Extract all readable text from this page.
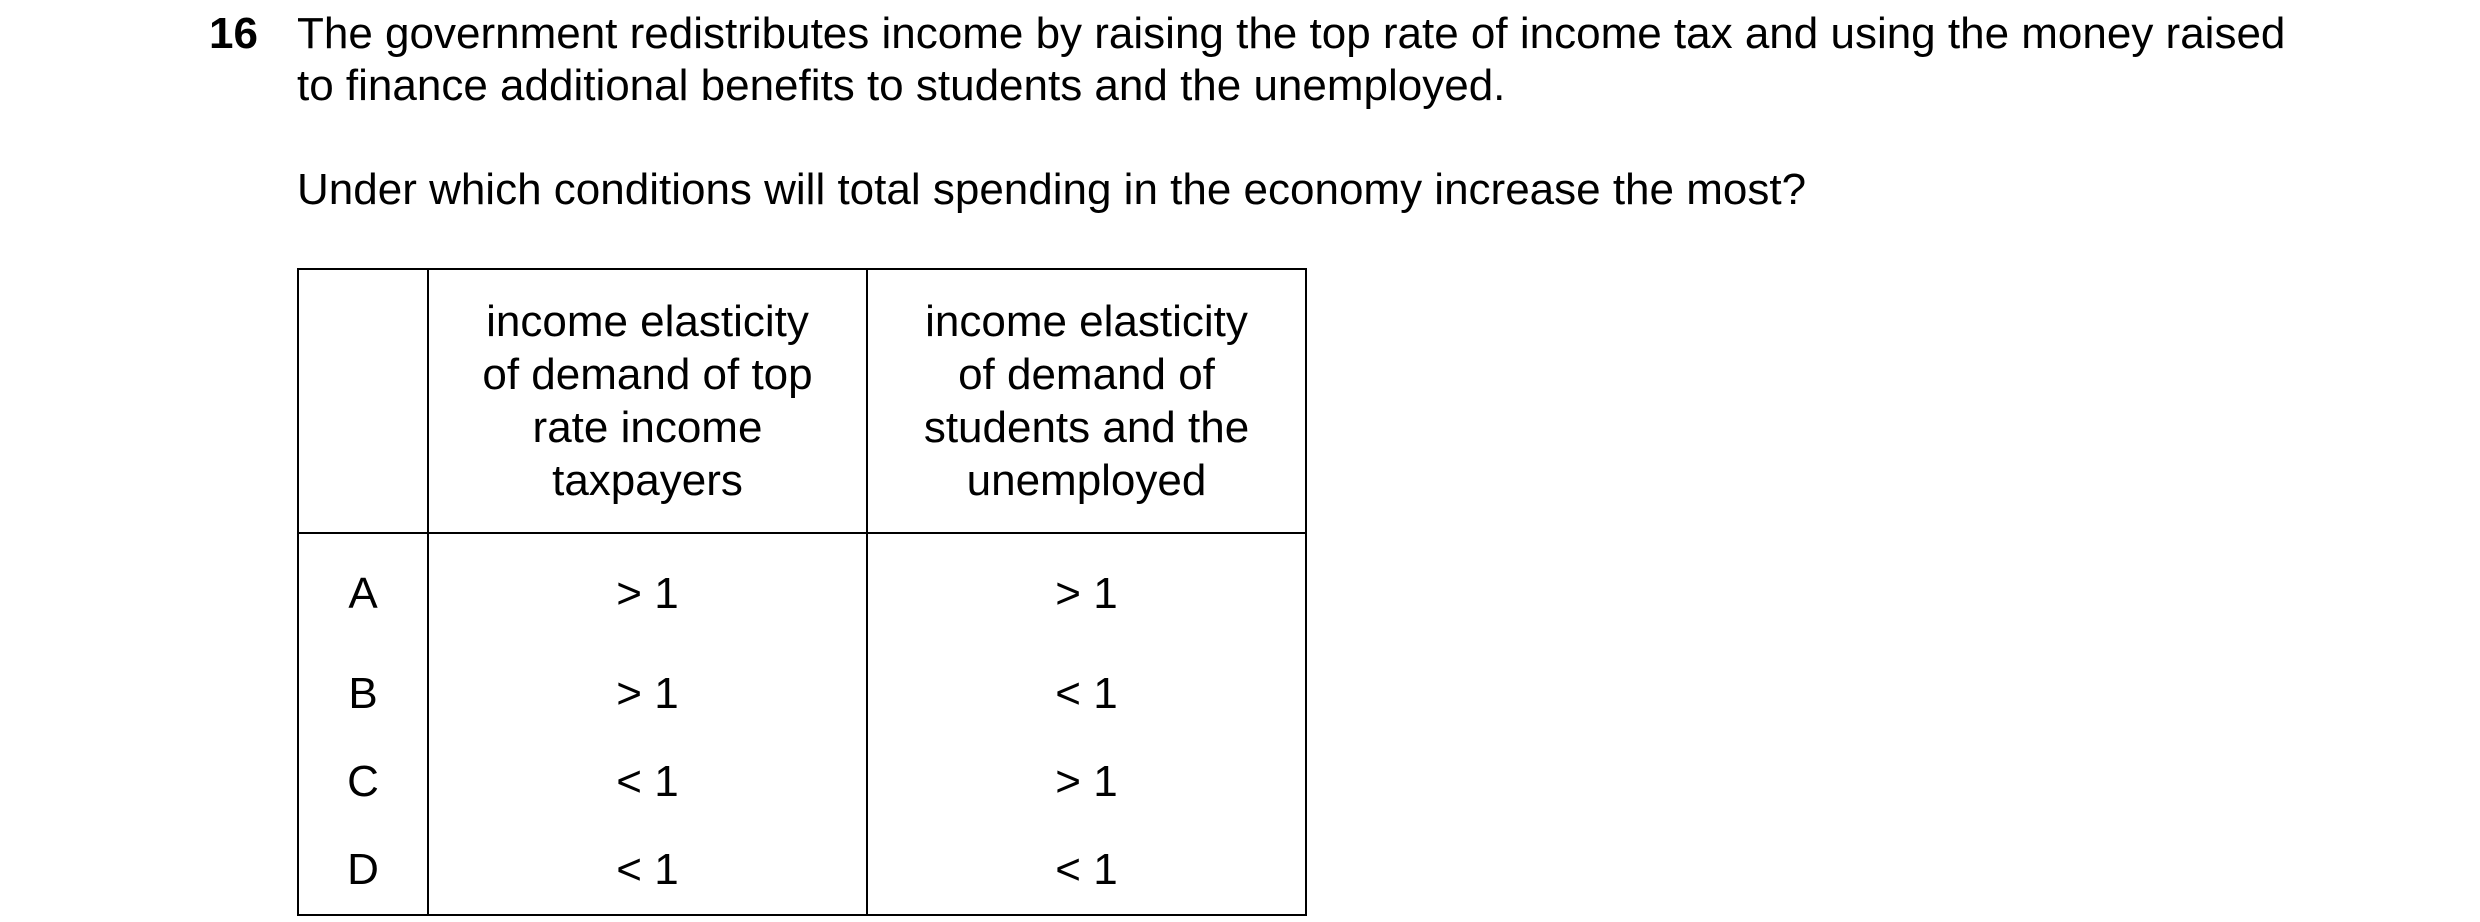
16 The government redistributes income by raising the top rate of income tax and using the money raised to finance additional benefits to students and the unemployed.

Under which conditions will total spending in the economy increase the most?

	income elasticity of demand of top rate income taxpayers	income elasticity of demand of students and the unemployed

A	> 1	> 1
B	> 1	< 1
C	< 1	> 1
D	< 1	< 1
